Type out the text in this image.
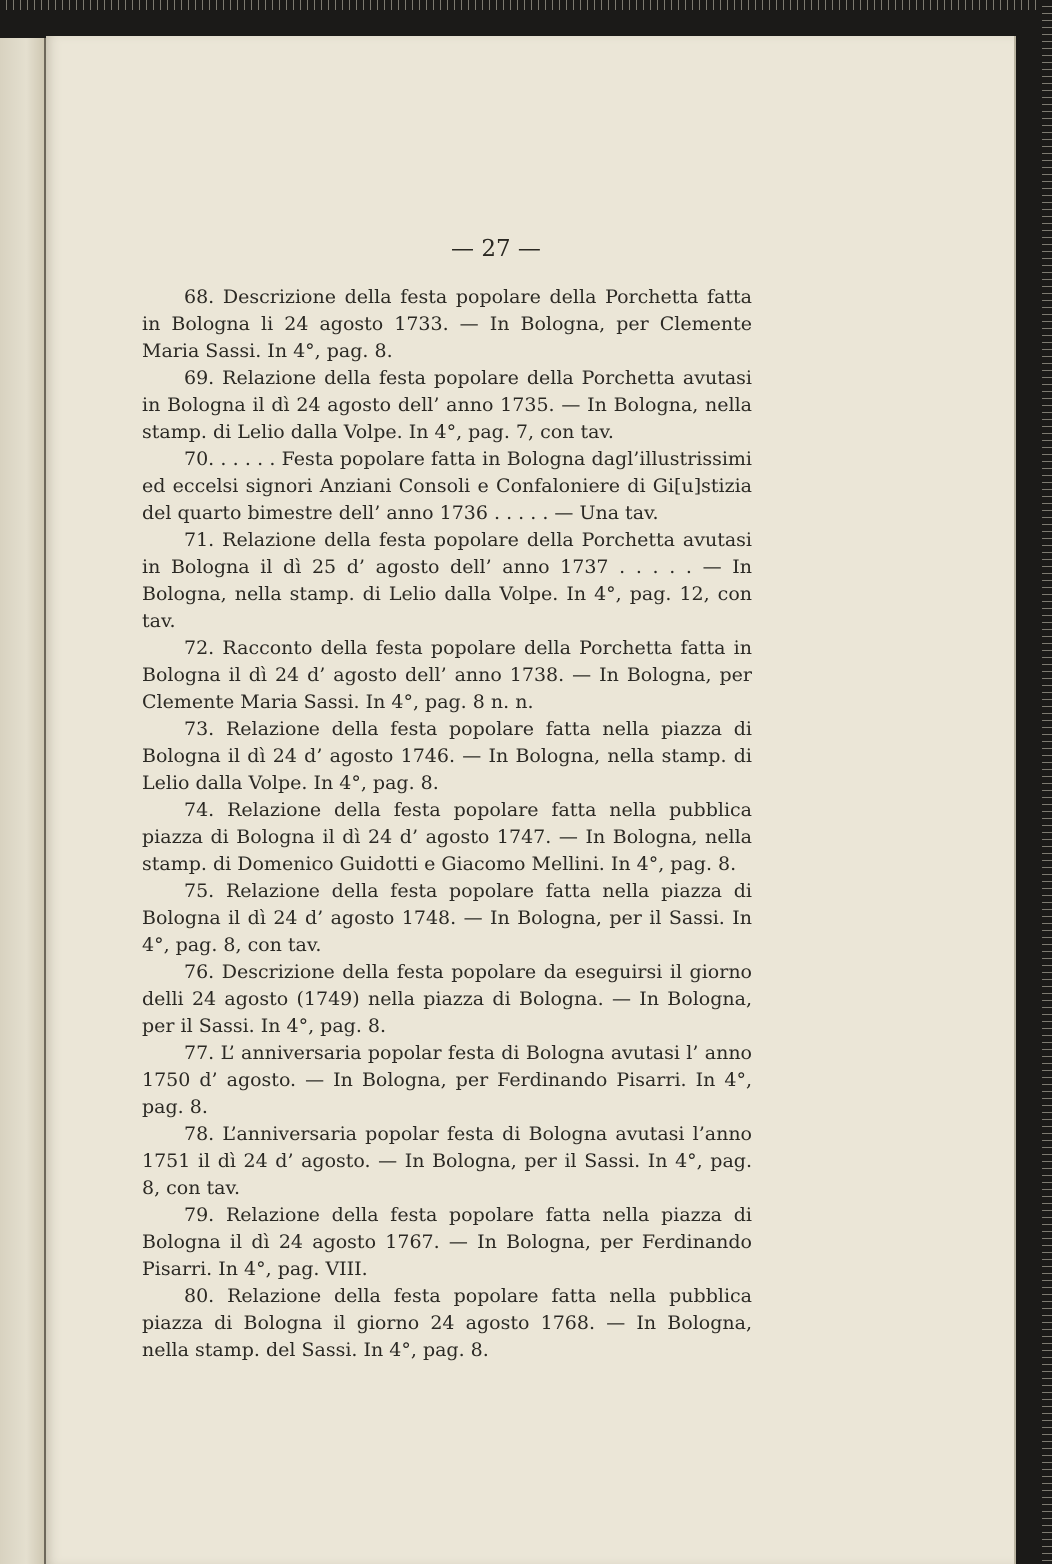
— 27 —

68. Descrizione della festa popolare della Porchetta fatta in Bologna li 24 agosto 1733. — In Bologna, per Clemente Maria Sassi. In 4°, pag. 8.

69. Relazione della festa popolare della Porchetta avutasi in Bologna il dì 24 agosto dell’ anno 1735. — In Bologna, nella stamp. di Lelio dalla Volpe. In 4°, pag. 7, con tav.

70. . . . . . Festa popolare fatta in Bologna dagl’illustrissimi ed eccelsi signori Anziani Consoli e Confaloniere di Gi[u]stizia del quarto bimestre dell’ anno 1736 . . . . . — Una tav.

71. Relazione della festa popolare della Porchetta avutasi in Bologna il dì 25 d’ agosto dell’ anno 1737 . . . . . — In Bologna, nella stamp. di Lelio dalla Volpe. In 4°, pag. 12, con tav.

72. Racconto della festa popolare della Porchetta fatta in Bologna il dì 24 d’ agosto dell’ anno 1738. — In Bologna, per Clemente Maria Sassi. In 4°, pag. 8 n. n.

73. Relazione della festa popolare fatta nella piazza di Bologna il dì 24 d’ agosto 1746. — In Bologna, nella stamp. di Lelio dalla Volpe. In 4°, pag. 8.

74. Relazione della festa popolare fatta nella pubblica piazza di Bologna il dì 24 d’ agosto 1747. — In Bologna, nella stamp. di Domenico Guidotti e Giacomo Mellini. In 4°, pag. 8.

75. Relazione della festa popolare fatta nella piazza di Bologna il dì 24 d’ agosto 1748. — In Bologna, per il Sassi. In 4°, pag. 8, con tav.

76. Descrizione della festa popolare da eseguirsi il giorno delli 24 agosto (1749) nella piazza di Bologna. — In Bologna, per il Sassi. In 4°, pag. 8.

77. L’ anniversaria popolar festa di Bologna avutasi l’ anno 1750 d’ agosto. — In Bologna, per Ferdinando Pisarri. In 4°, pag. 8.

78. L’anniversaria popolar festa di Bologna avutasi l’anno 1751 il dì 24 d’ agosto. — In Bologna, per il Sassi. In 4°, pag. 8, con tav.

79. Relazione della festa popolare fatta nella piazza di Bologna il dì 24 agosto 1767. — In Bologna, per Ferdinando Pisarri. In 4°, pag. VIII.

80. Relazione della festa popolare fatta nella pubblica piazza di Bologna il giorno 24 agosto 1768. — In Bologna, nella stamp. del Sassi. In 4°, pag. 8.
